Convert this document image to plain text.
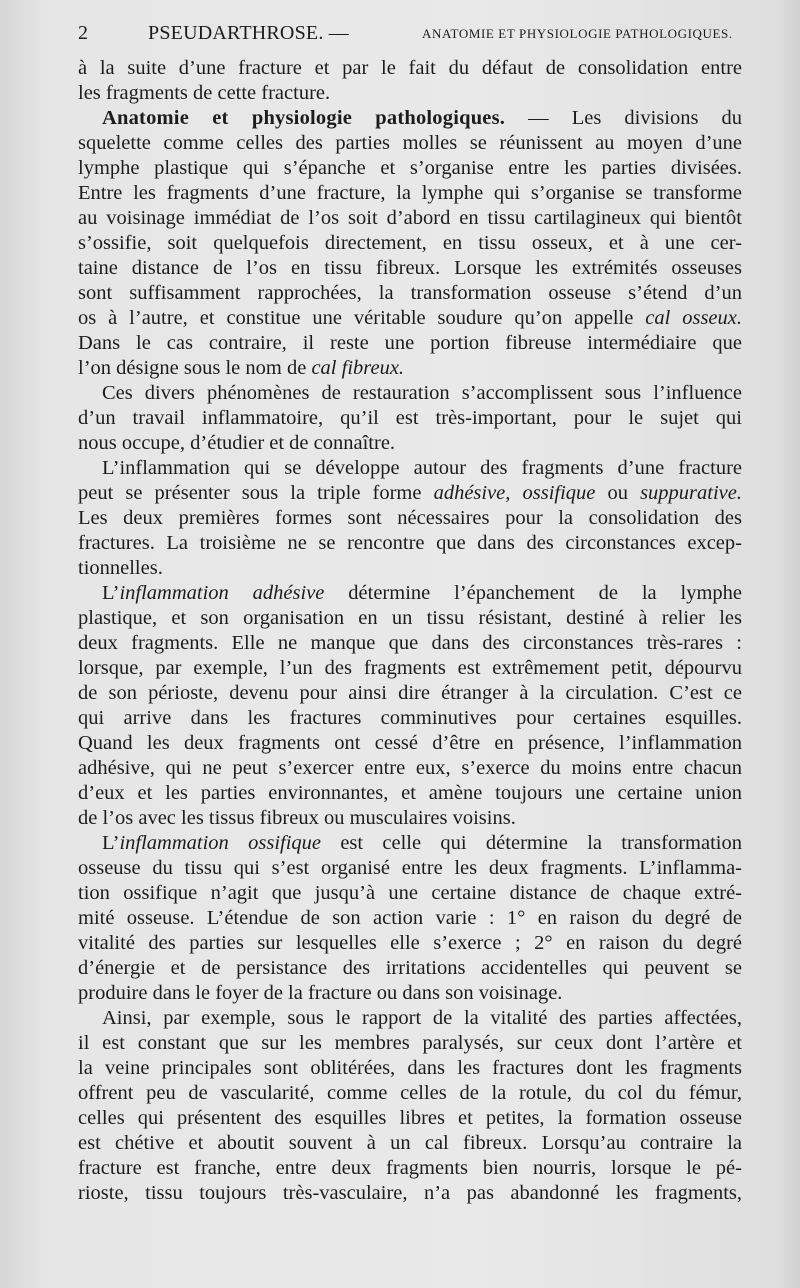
2	PSEUDARTHROSE. —	ANATOMIE ET PHYSIOLOGIE PATHOLOGIQUES.
à la suite d’une fracture et par le fait du défaut de consolidation entre
les fragments de cette fracture.
Anatomie et physiologie pathologiques. — Les divisions du
squelette comme celles des parties molles se réunissent au moyen d’une
lymphe plastique qui s’épanche et s’organise entre les parties divisées.
Entre les fragments d’une fracture, la lymphe qui s’organise se transforme
au voisinage immédiat de l’os soit d’abord en tissu cartilagineux qui bientôt
s’ossifie, soit quelquefois directement, en tissu osseux, et à une cer-
taine distance de l’os en tissu fibreux. Lorsque les extrémités osseuses
sont suffisamment rapprochées, la transformation osseuse s’étend d’un
os à l’autre, et constitue une véritable soudure qu’on appelle cal osseux.
Dans le cas contraire, il reste une portion fibreuse intermédiaire que
l’on désigne sous le nom de cal fibreux.
Ces divers phénomènes de restauration s’accomplissent sous l’influence
d’un travail inflammatoire, qu’il est très-important, pour le sujet qui
nous occupe, d’étudier et de connaître.
L’inflammation qui se développe autour des fragments d’une fracture
peut se présenter sous la triple forme adhésive, ossifique ou suppurative.
Les deux premières formes sont nécessaires pour la consolidation des
fractures. La troisième ne se rencontre que dans des circonstances excep-
tionnelles.
L’inflammation adhésive détermine l’épanchement de la lymphe
plastique, et son organisation en un tissu résistant, destiné à relier les
deux fragments. Elle ne manque que dans des circonstances très-rares :
lorsque, par exemple, l’un des fragments est extrêmement petit, dépourvu
de son périoste, devenu pour ainsi dire étranger à la circulation. C’est ce
qui arrive dans les fractures comminutives pour certaines esquilles.
Quand les deux fragments ont cessé d’être en présence, l’inflammation
adhésive, qui ne peut s’exercer entre eux, s’exerce du moins entre chacun
d’eux et les parties environnantes, et amène toujours une certaine union
de l’os avec les tissus fibreux ou musculaires voisins.
L’inflammation ossifique est celle qui détermine la transformation
osseuse du tissu qui s’est organisé entre les deux fragments. L’inflamma-
tion ossifique n’agit que jusqu’à une certaine distance de chaque extré-
mité osseuse. L’étendue de son action varie : 1° en raison du degré de
vitalité des parties sur lesquelles elle s’exerce ; 2° en raison du degré
d’énergie et de persistance des irritations accidentelles qui peuvent se
produire dans le foyer de la fracture ou dans son voisinage.
Ainsi, par exemple, sous le rapport de la vitalité des parties affectées,
il est constant que sur les membres paralysés, sur ceux dont l’artère et
la veine principales sont oblitérées, dans les fractures dont les fragments
offrent peu de vascularité, comme celles de la rotule, du col du fémur,
celles qui présentent des esquilles libres et petites, la formation osseuse
est chétive et aboutit souvent à un cal fibreux. Lorsqu’au contraire la
fracture est franche, entre deux fragments bien nourris, lorsque le pé-
rioste, tissu toujours très-vasculaire, n’a pas abandonné les fragments,
